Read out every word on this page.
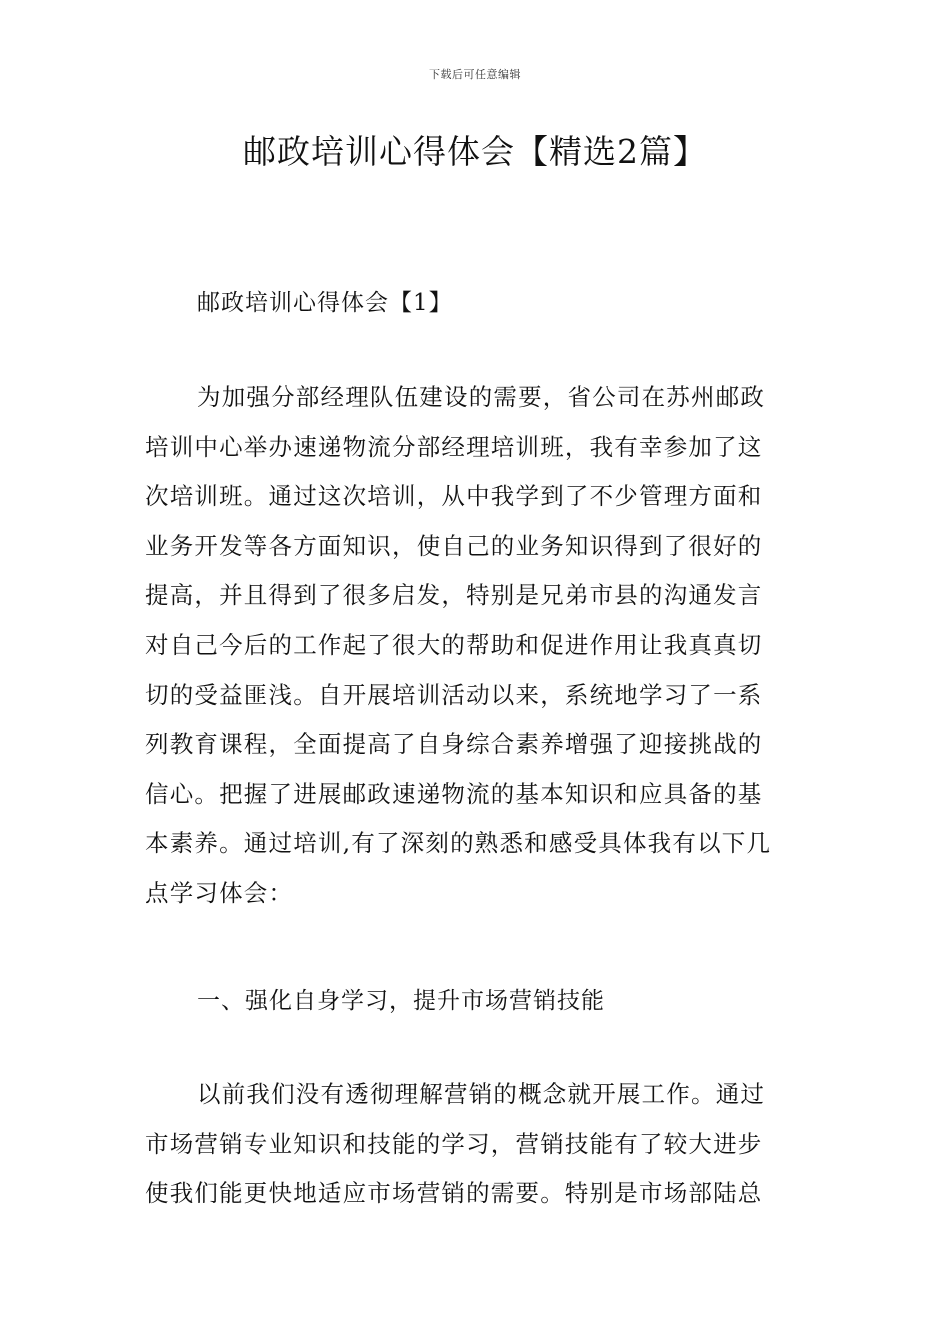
下载后可任意编辑
邮政培训心得体会【精选2篇】
邮政培训心得体会【1】
为加强分部经理队伍建设的需要，省公司在苏州邮政
培训中心举办速递物流分部经理培训班，我有幸参加了这
次培训班。通过这次培训，从中我学到了不少管理方面和
业务开发等各方面知识，使自己的业务知识得到了很好的
提高，并且得到了很多启发，特别是兄弟市县的沟通发言
对自己今后的工作起了很大的帮助和促进作用让我真真切
切的受益匪浅。自开展培训活动以来，系统地学习了一系
列教育课程，全面提高了自身综合素养增强了迎接挑战的
信心。把握了进展邮政速递物流的基本知识和应具备的基
本素养。通过培训,有了深刻的熟悉和感受具体我有以下几
点学习体会：
一、强化自身学习，提升市场营销技能
以前我们没有透彻理解营销的概念就开展工作。通过
市场营销专业知识和技能的学习，营销技能有了较大进步
使我们能更快地适应市场营销的需要。特别是市场部陆总
